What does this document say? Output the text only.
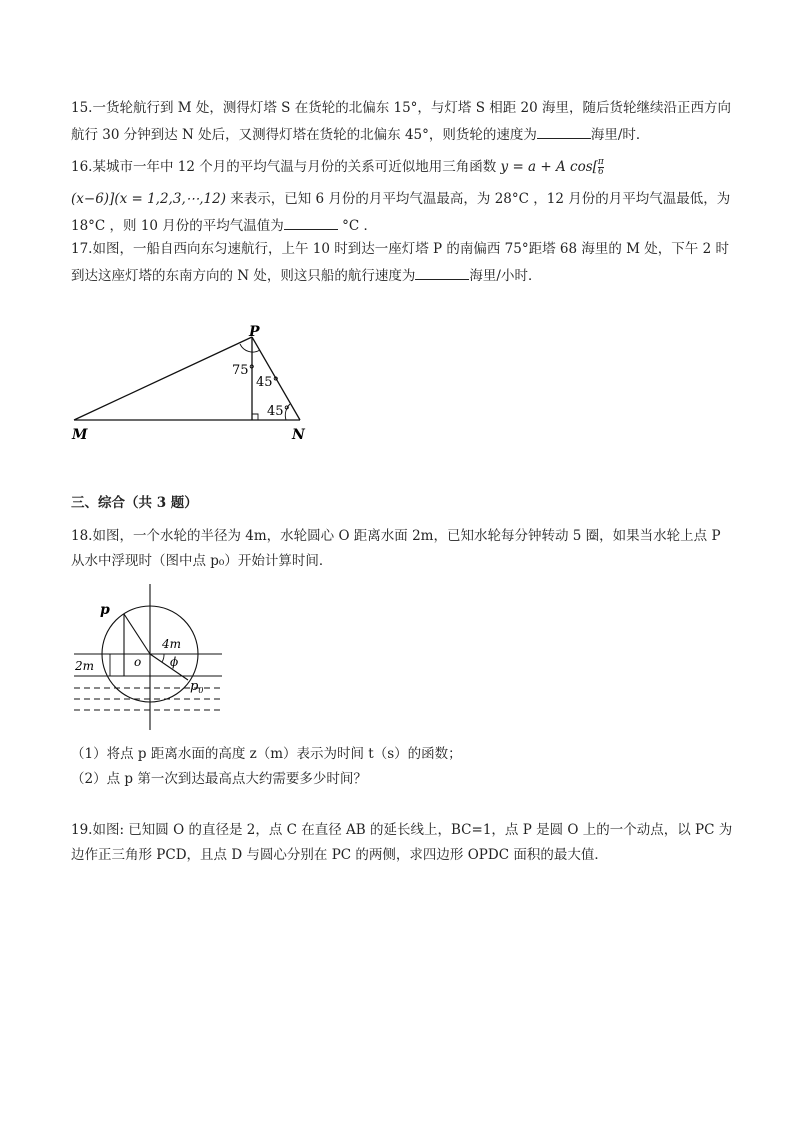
15.一货轮航行到 M 处，测得灯塔 S 在货轮的北偏东 15°，与灯塔 S 相距 20 海里，随后货轮继续沿正西方向
航行 30 分钟到达 N 处后，又测得灯塔在货轮的北偏东 45°，则货轮的速度为	海里/时．
16.某城市一年中 12 个月的平均气温与月份的关系可近似地用三角函数 y = a + A $\cos[ \frac{\pi}{6}$
(x−6)](x = 1,2,3,⋯,12) 来表示，已知 6 月份的月平均气温最高，为 28°C ，12 月份的月平均气温最低，为
18°C ，则 10 月份的平均气温值为	°C ．
17.如图，一船自西向东匀速航行，上午 10 时到达一座灯塔 P 的南偏西 75°距塔 68 海里的 M 处，下午 2 时
到达这座灯塔的东南方向的 N 处，则这只船的航行速度为	海里/小时．
P
M	N
75°
45°
45°
三、综合（共 3 题）
18.如图，一个水轮的半径为 4m，水轮圆心 O 距离水面 2m，已知水轮每分钟转动 5 圈，如果当水轮上点 P
从水中浮现时（图中点 p₀）开始计算时间．
p
o
4m
2m	ϕ
$p_0$
（1）将点 p 距离水面的高度 z（m）表示为时间 t（s）的函数；
（2）点 p 第一次到达最高点大约需要多少时间？
19.如图: 已知圆 O 的直径是 2，点 C 在直径 AB 的延长线上，BC=1，点 P 是圆 O 上的一个动点，以 PC 为
边作正三角形 PCD，且点 D 与圆心分别在 PC 的两侧，求四边形 OPDC 面积的最大值．
